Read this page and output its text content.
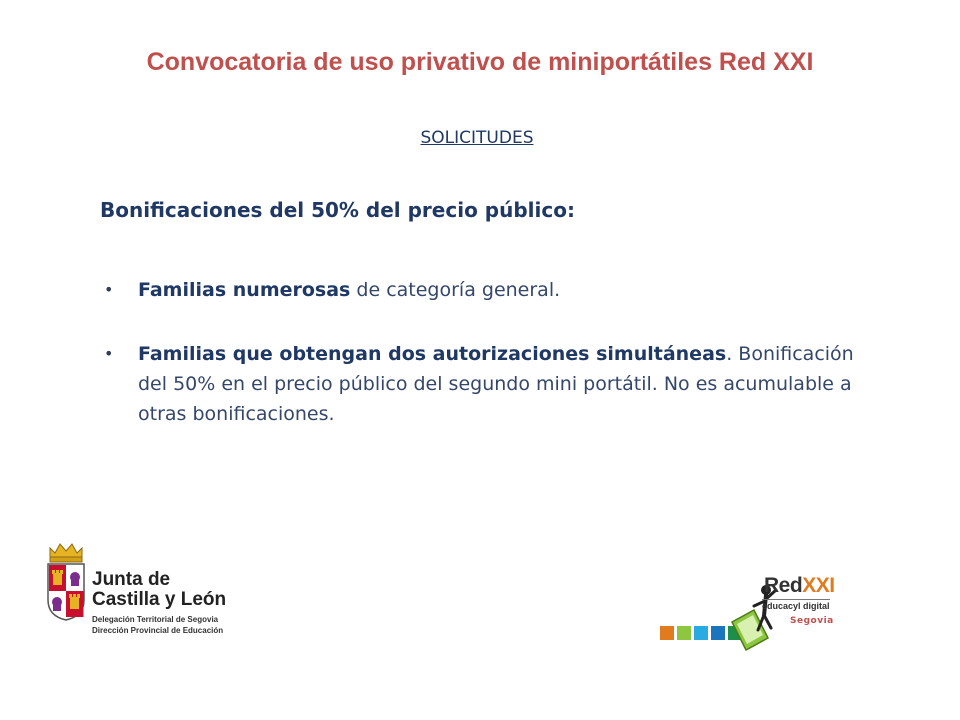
Convocatoria de uso privativo de miniportátiles Red XXI
SOLICITUDES
Bonificaciones del 50% del precio público:
• Familias numerosas de categoría general.
• Familias que obtengan dos autorizaciones simultáneas. Bonificación del 50% en el precio público del segundo mini portátil. No es acumulable a otras bonificaciones.
Junta de
Castilla y León
Delegación Territorial de Segovia
Dirección Provincial de Educación
RedXXI
educacyl digital
Segovia
